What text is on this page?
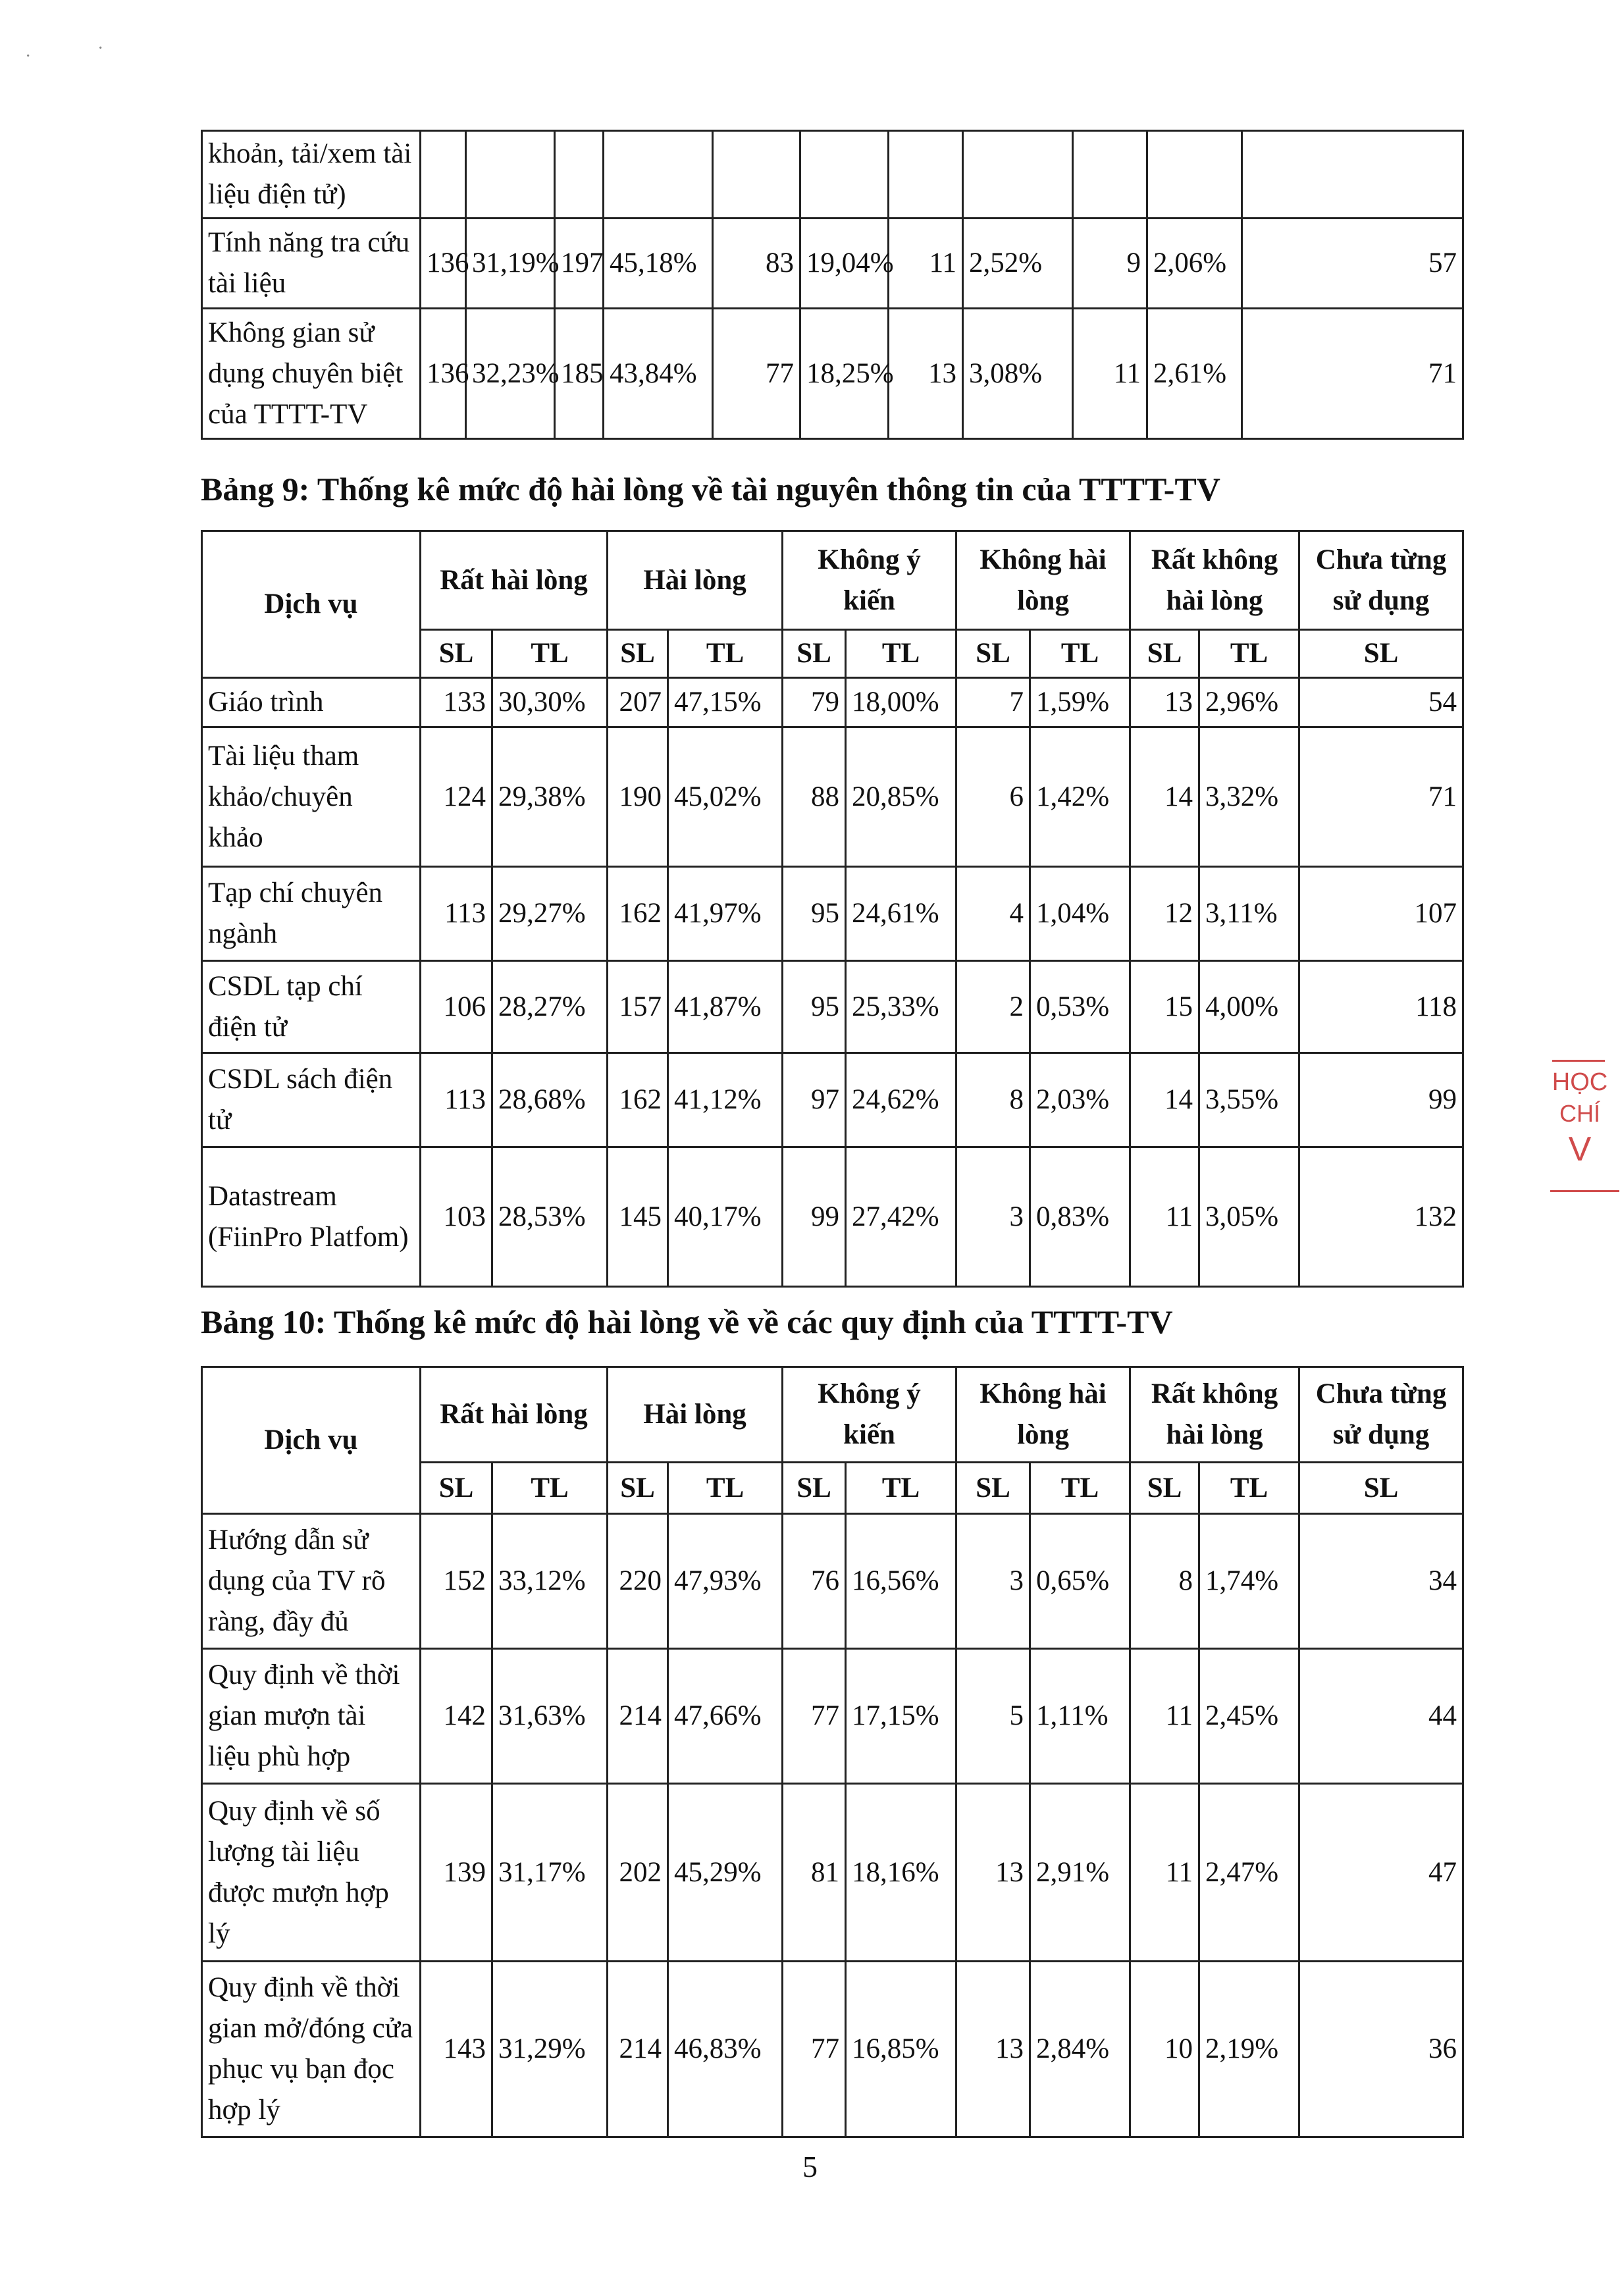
·	·
khoản, tải/xem tài liệu điện tử)											
Tính năng tra cứu tài liệu	136	31,19%	197	45,18%	83	19,04%	11	2,52%	9	2,06%	57
Không gian sử dụng chuyên biệt của TTTT-TV	136	32,23%	185	43,84%	77	18,25%	13	3,08%	11	2,61%	71
Bảng 9: Thống kê mức độ hài lòng về tài nguyên thông tin của TTTT-TV
Dịch vụ	Rất hài lòng		Hài lòng		Không ý kiến		Không hài lòng		Rất không hài lòng		Chưa từng sử dụng
	SL	TL	SL	TL	SL	TL	SL	TL	SL	TL	SL
Giáo trình	133	30,30%	207	47,15%	79	18,00%	7	1,59%	13	2,96%	54
Tài liệu tham khảo/chuyên khảo	124	29,38%	190	45,02%	88	20,85%	6	1,42%	14	3,32%	71
Tạp chí chuyên ngành	113	29,27%	162	41,97%	95	24,61%	4	1,04%	12	3,11%	107
CSDL tạp chí điện tử	106	28,27%	157	41,87%	95	25,33%	2	0,53%	15	4,00%	118
CSDL sách điện tử	113	28,68%	162	41,12%	97	24,62%	8	2,03%	14	3,55%	99
Datastream (FiinPro Platfom)	103	28,53%	145	40,17%	99	27,42%	3	0,83%	11	3,05%	132
Bảng 10: Thống kê mức độ hài lòng về về các quy định của TTTT-TV
Dịch vụ	Rất hài lòng		Hài lòng		Không ý kiến		Không hài lòng		Rất không hài lòng		Chưa từng sử dụng
	SL	TL	SL	TL	SL	TL	SL	TL	SL	TL	SL
Hướng dẫn sử dụng của TV rõ ràng, đầy đủ	152	33,12%	220	47,93%	76	16,56%	3	0,65%	8	1,74%	34
Quy định về thời gian mượn tài liệu phù hợp	142	31,63%	214	47,66%	77	17,15%	5	1,11%	11	2,45%	44
Quy định về số lượng tài liệu được mượn hợp lý	139	31,17%	202	45,29%	81	18,16%	13	2,91%	11	2,47%	47
Quy định về thời gian mở/đóng cửa phục vụ bạn đọc hợp lý	143	31,29%	214	46,83%	77	16,85%	13	2,84%	10	2,19%	36
HỌC
CHÍ
V
5
